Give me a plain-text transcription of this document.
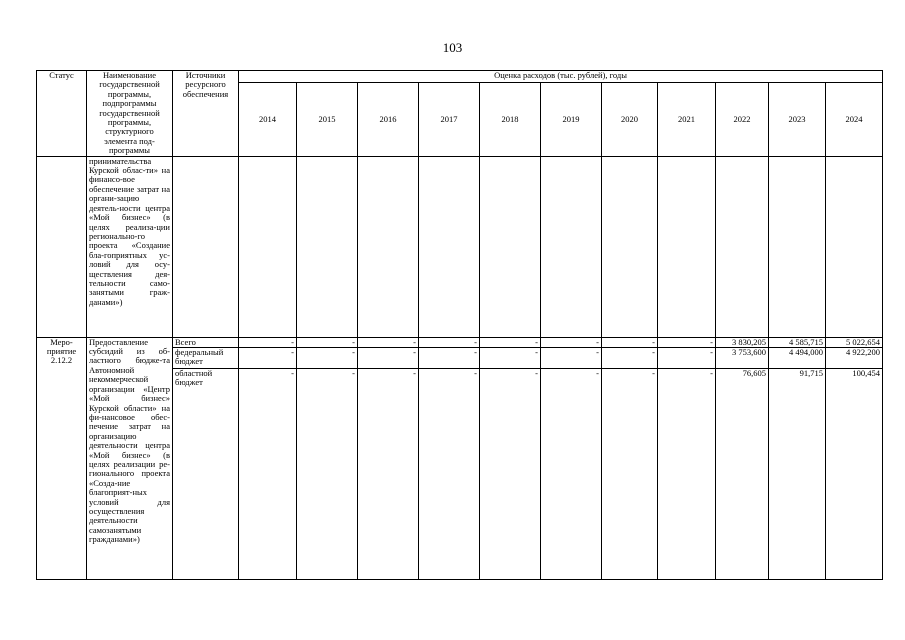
103
Статус	Наименование государственной программы, подпрограммы государственной программы, структурного элемента под-программы	Источники ресурсного обеспечения	Оценка расходов (тыс. рублей), годы										
			2014	2015	2016	2017	2018	2019	2020	2021	2022	2023	2024
	принимательства Курской облас-ти» на финансо-вое обеспечение затрат на органи-зацию деятель-ности центра «Мой бизнес» (в целях реализа-ции регионально-го проекта «Создание бла-гоприятных ус-ловий для осу-ществления дея-тельности само-занятыми граж-данами»)												
Меро-приятие 2.12.2	Предоставление субсидий из об-ластного бюдже-та Автономной некоммерческой организации «Центр «Мой бизнес» Курской области» на фи-нансовое обес-печение затрат на организацию деятельности центра «Мой бизнес» (в целях реализации ре-гионального проекта «Созда-ние благоприят-ных условий для осуществления деятельности самозанятыми гражданами»)	Всего	-	-	-	-	-	-	-	-	3 830,205	4 585,715	5 022,654
		федеральный бюджет	-	-	-	-	-	-	-	-	3 753,600	4 494,000	4 922,200
		областной бюджет	-	-	-	-	-	-	-	-	76,605	91,715	100,454
